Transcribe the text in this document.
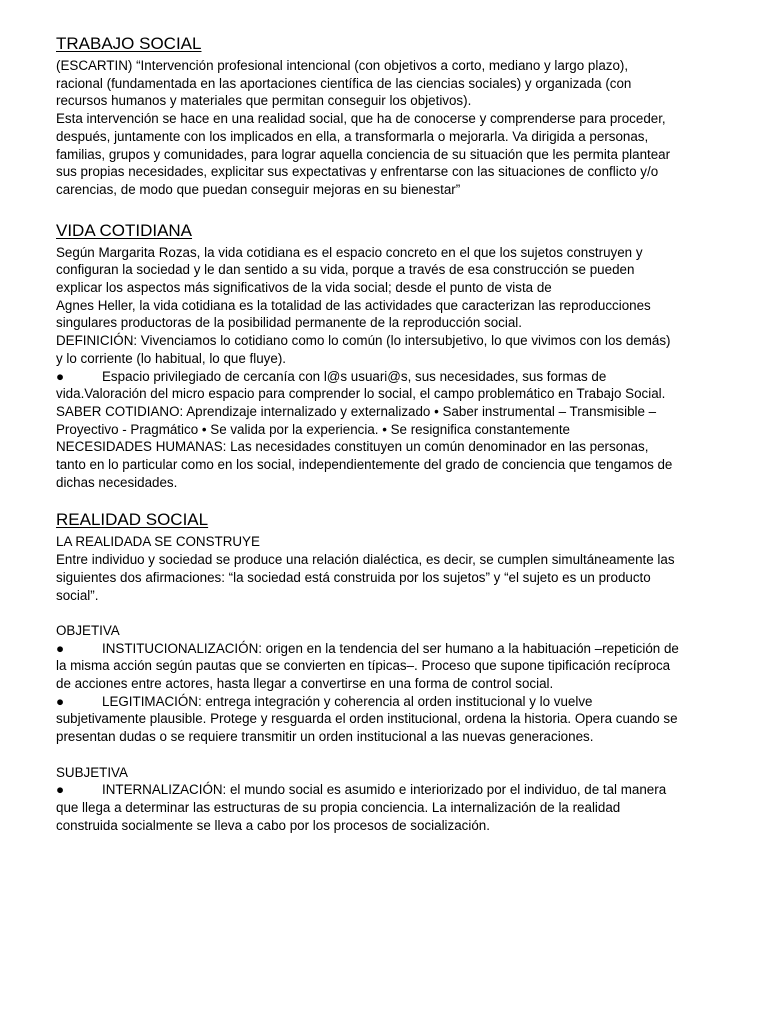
TRABAJO SOCIAL

(ESCARTIN) “Intervención profesional intencional (con objetivos a corto, mediano y largo plazo),

racional (fundamentada en las aportaciones científica de las ciencias sociales) y organizada (con

recursos humanos y materiales que permitan conseguir los objetivos).

Esta intervención se hace en una realidad social, que ha de conocerse y comprenderse para proceder,

después, juntamente con los implicados en ella, a transformarla o mejorarla. Va dirigida a personas,

familias, grupos y comunidades, para lograr aquella conciencia de su situación que les permita plantear

sus propias necesidades, explicitar sus expectativas y enfrentarse con las situaciones de conflicto y/o

carencias, de modo que puedan conseguir mejoras en su bienestar”

VIDA COTIDIANA

Según Margarita Rozas, la vida cotidiana es el espacio concreto en el que los sujetos construyen y

configuran la sociedad y le dan sentido a su vida, porque a través de esa construcción se pueden

explicar los aspectos más significativos de la vida social; desde el punto de vista de

Agnes Heller, la vida cotidiana es la totalidad de las actividades que caracterizan las reproducciones

singulares productoras de la posibilidad permanente de la reproducción social.

DEFINICIÓN: Vivenciamos lo cotidiano como lo común (lo intersubjetivo, lo que vivimos con los demás)

y lo corriente (lo habitual, lo que fluye).

●	Espacio privilegiado de cercanía con l@s usuari@s, sus necesidades, sus formas de

vida.Valoración del micro espacio para comprender lo social, el campo problemático en Trabajo Social.

SABER COTIDIANO: Aprendizaje internalizado y externalizado • Saber instrumental – Transmisible –

Proyectivo - Pragmático • Se valida por la experiencia. • Se resignifica constantemente

NECESIDADES HUMANAS: Las necesidades constituyen un común denominador en las personas,

tanto en lo particular como en los social, independientemente del grado de conciencia que tengamos de

dichas necesidades.

REALIDAD SOCIAL

LA REALIDADA SE CONSTRUYE

Entre individuo y sociedad se produce una relación dialéctica, es decir, se cumplen simultáneamente las

siguientes dos afirmaciones: “la sociedad está construida por los sujetos” y “el sujeto es un producto

social”.

OBJETIVA

●	INSTITUCIONALIZACIÓN: origen en la tendencia del ser humano a la habituación –repetición de

la misma acción según pautas que se convierten en típicas–. Proceso que supone tipificación recíproca

de acciones entre actores, hasta llegar a convertirse en una forma de control social.

●	LEGITIMACIÓN: entrega integración y coherencia al orden institucional y lo vuelve

subjetivamente plausible. Protege y resguarda el orden institucional, ordena la historia. Opera cuando se

presentan dudas o se requiere transmitir un orden institucional a las nuevas generaciones.

SUBJETIVA

●	INTERNALIZACIÓN: el mundo social es asumido e interiorizado por el individuo, de tal manera

que llega a determinar las estructuras de su propia conciencia. La internalización de la realidad

construida socialmente se lleva a cabo por los procesos de socialización.
